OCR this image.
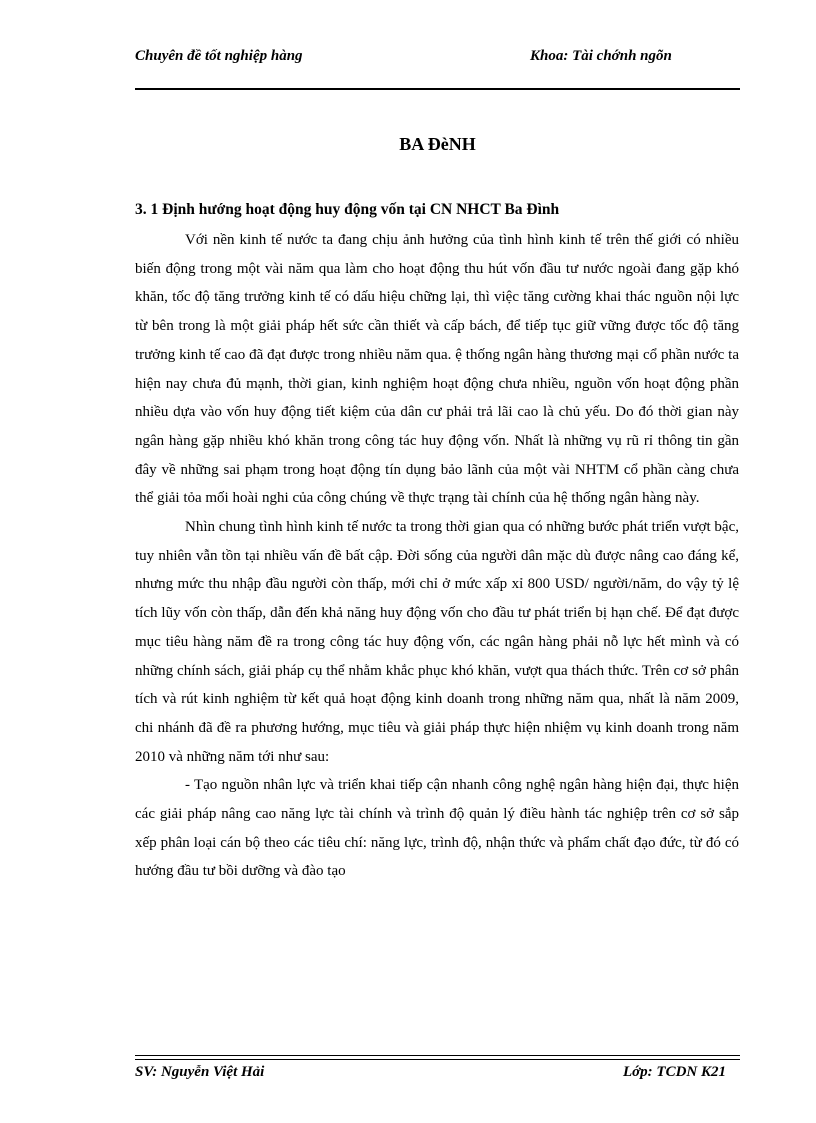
Chuyên đề tốt nghiệp hàng	Khoa: Tài chớnh ngõn
BA ĐèNH
3. 1 Định hướng hoạt động huy động vốn tại CN NHCT Ba Đình

Với nền kinh tế nước ta đang chịu ảnh hưởng của tình hình kinh tế trên thế giới có nhiều biến động trong một vài năm qua làm cho hoạt động thu hút vốn đầu tư nước ngoài đang gặp khó khăn, tốc độ tăng trưởng kinh tế có dấu hiệu chững lại, thì việc tăng cường khai thác nguồn nội lực từ bên trong là một giải pháp hết sức cần thiết và cấp bách, để tiếp tục giữ vững được tốc độ tăng trưởng kinh tế cao đã đạt được trong nhiều năm qua. ệ thống ngân hàng thương mại cổ phần nước ta hiện nay chưa đủ mạnh, thời gian, kinh nghiệm hoạt động chưa nhiều, nguồn vốn hoạt động phần nhiều dựa vào vốn huy động tiết kiệm của dân cư phải trả lãi cao là chủ yếu. Do đó thời gian này ngân hàng gặp nhiều khó khăn trong công tác huy động vốn. Nhất là những vụ rũ rỉ thông tin gần đây về những sai phạm trong hoạt động tín dụng bảo lãnh của một vài NHTM cổ phần càng chưa thể giải tỏa mối hoài nghi của công chúng về thực trạng tài chính của hệ thống ngân hàng này.

Nhìn chung tình hình kinh tế nước ta trong thời gian qua có những bước phát triển vượt bậc, tuy nhiên vẫn tồn tại nhiều vấn đề bất cập. Đời sống của người dân mặc dù được nâng cao đáng kể, nhưng mức thu nhập đầu người còn thấp, mới chỉ ở mức xấp xỉ 800 USD/ người/năm, do vậy tỷ lệ tích lũy vốn còn thấp, dẫn đến khả năng huy động vốn cho đầu tư phát triển bị hạn chế. Để đạt được mục tiêu hàng năm đề ra trong công tác huy động vốn, các ngân hàng phải nỗ lực hết mình và có những chính sách, giải pháp cụ thể nhằm khắc phục khó khăn, vượt qua thách thức. Trên cơ sở phân tích và rút kinh nghiệm từ kết quả hoạt động kinh doanh trong những năm qua, nhất là năm 2009, chi nhánh đã đề ra phương hướng, mục tiêu và giải pháp thực hiện nhiệm vụ kinh doanh trong năm 2010 và những năm tới như sau:

- Tạo nguồn nhân lực và triển khai tiếp cận nhanh công nghệ ngân hàng hiện đại, thực hiện các giải pháp nâng cao năng lực tài chính và trình độ quản lý điều hành tác nghiệp trên cơ sở sắp xếp phân loại cán bộ theo các tiêu chí: năng lực, trình độ, nhận thức và phẩm chất đạo đức, từ đó có hướng đầu tư bồi dưỡng và đào tạo

SV: Nguyễn Việt Hải	Lớp: TCDN K21
